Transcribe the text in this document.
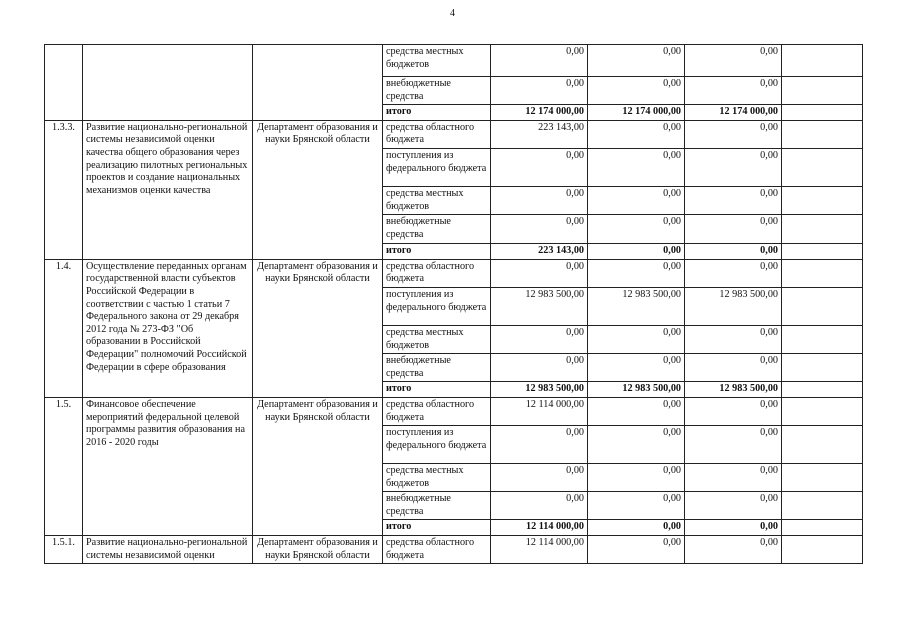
4
			средства местных бюджетов	0,00	0,00	0,00	
			внебюджетные средства	0,00	0,00	0,00	
			итого	12 174 000,00	12 174 000,00	12 174 000,00	
1.3.3.	Развитие национально-региональной системы независимой оценки качества общего образования через реализацию пилотных региональных проектов и создание национальных механизмов оценки качества	Департамент образования и науки Брянской области	средства областного бюджета	223 143,00	0,00	0,00	
			поступления из федерального бюджета	0,00	0,00	0,00	
			средства местных бюджетов	0,00	0,00	0,00	
			внебюджетные средства	0,00	0,00	0,00	
			итого	223 143,00	0,00	0,00	
1.4.	Осуществление переданных органам государственной власти субъектов Российской Федерации в соответствии с частью 1 статьи 7 Федерального закона от 29 декабря 2012 года № 273-ФЗ "Об образовании в Российской Федерации" полномочий Российской Федерации в сфере образования	Департамент образования и науки Брянской области	средства областного бюджета	0,00	0,00	0,00	
			поступления из федерального бюджета	12 983 500,00	12 983 500,00	12 983 500,00	
			средства местных бюджетов	0,00	0,00	0,00	
			внебюджетные средства	0,00	0,00	0,00	
			итого	12 983 500,00	12 983 500,00	12 983 500,00	
1.5.	Финансовое обеспечение мероприятий федеральной целевой программы развития образования на 2016 - 2020 годы	Департамент образования и науки Брянской области	средства областного бюджета	12 114 000,00	0,00	0,00	
			поступления из федерального бюджета	0,00	0,00	0,00	
			средства местных бюджетов	0,00	0,00	0,00	
			внебюджетные средства	0,00	0,00	0,00	
			итого	12 114 000,00	0,00	0,00	
1.5.1.	Развитие национально-региональной системы независимой оценки	Департамент образования и науки Брянской области	средства областного бюджета	12 114 000,00	0,00	0,00	
